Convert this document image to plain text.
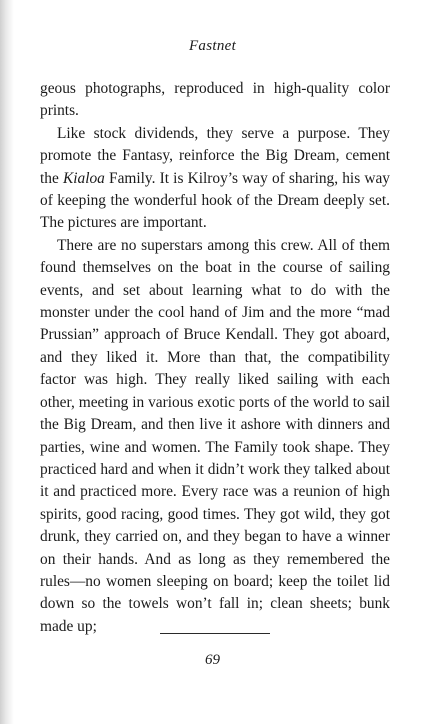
Fastnet

geous photographs, reproduced in high-quality color prints.

Like stock dividends, they serve a purpose. They promote the Fantasy, reinforce the Big Dream, cement the Kialoa Family. It is Kilroy’s way of sharing, his way of keeping the wonderful hook of the Dream deeply set. The pictures are important.

There are no superstars among this crew. All of them found themselves on the boat in the course of sailing events, and set about learning what to do with the monster under the cool hand of Jim and the more “mad Prussian” approach of Bruce Kendall. They got aboard, and they liked it. More than that, the compatibility factor was high. They really liked sailing with each other, meeting in various exotic ports of the world to sail the Big Dream, and then live it ashore with dinners and parties, wine and women. The Family took shape. They practiced hard and when it didn’t work they talked about it and practiced more. Every race was a reunion of high spirits, good racing, good times. They got wild, they got drunk, they carried on, and they began to have a winner on their hands. And as long as they remembered the rules—no women sleeping on board; keep the toilet lid down so the towels won’t fall in; clean sheets; bunk made up;

69
